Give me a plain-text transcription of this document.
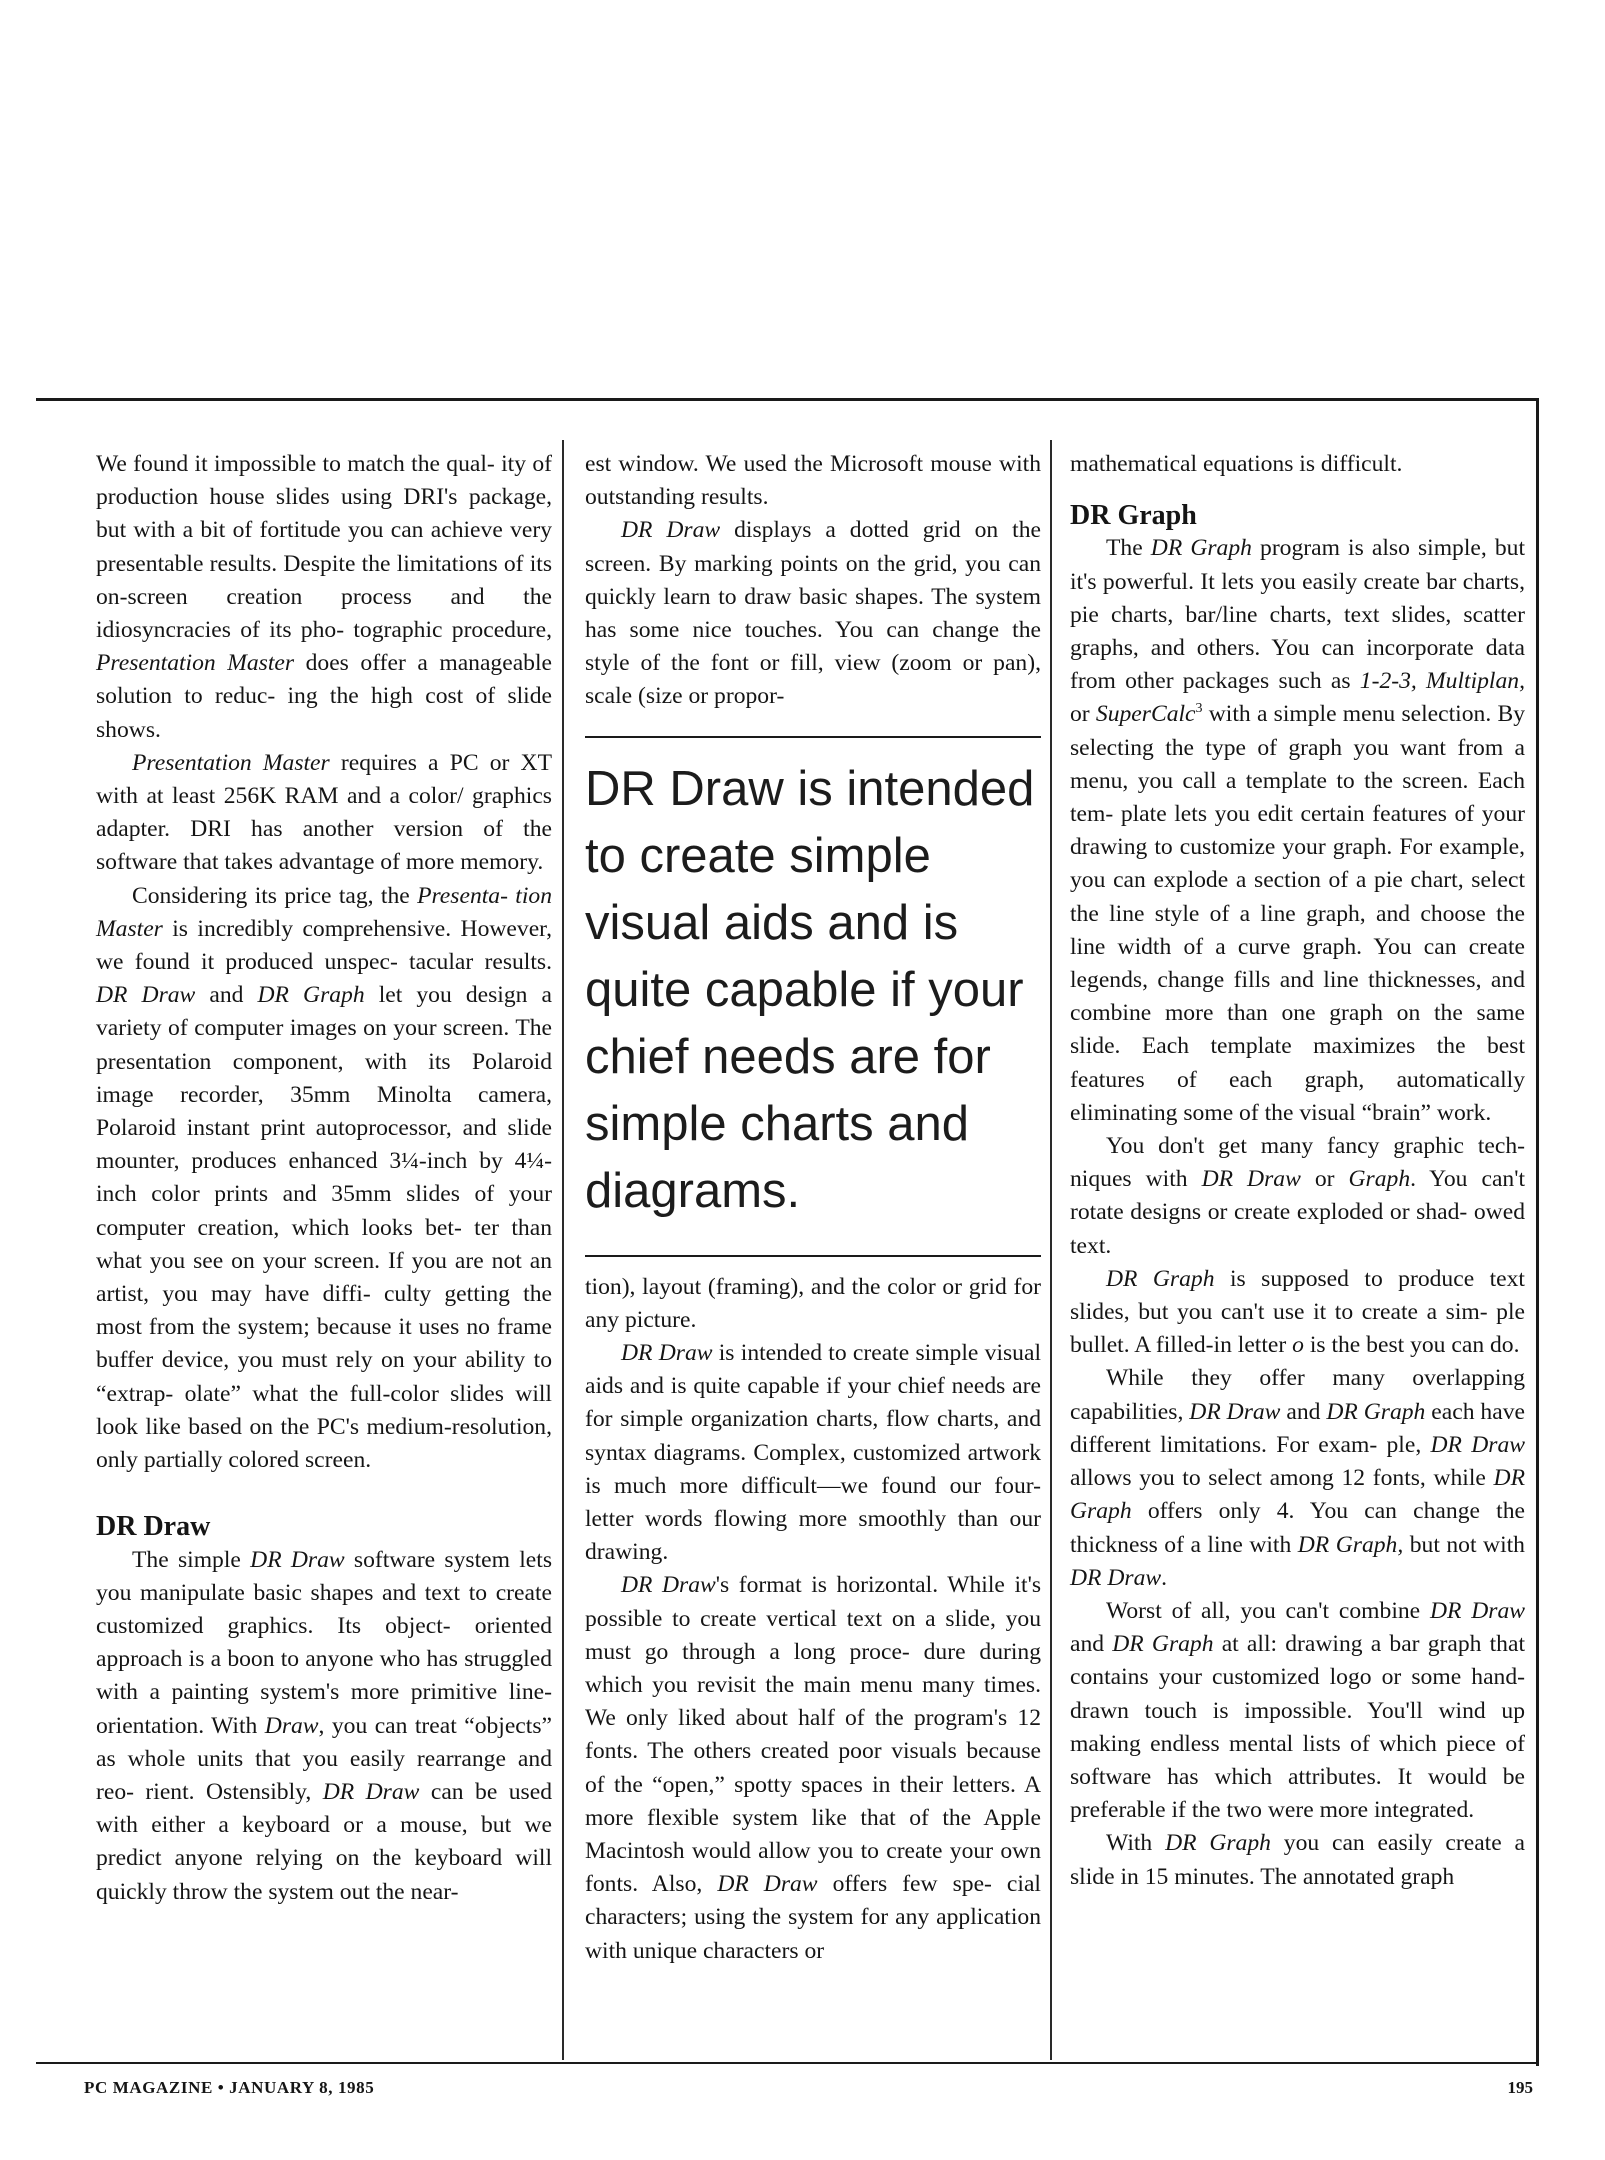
We found it impossible to match the qual- ity of production house slides using DRI's package, but with a bit of fortitude you can achieve very presentable results. Despite the limitations of its on-screen creation process and the idiosyncracies of its pho- tographic procedure, Presentation Master does offer a manageable solution to reduc- ing the high cost of slide shows.

Presentation Master requires a PC or XT with at least 256K RAM and a color/ graphics adapter. DRI has another version of the software that takes advantage of more memory.

Considering its price tag, the Presenta- tion Master is incredibly comprehensive. However, we found it produced unspec- tacular results. DR Draw and DR Graph let you design a variety of computer images on your screen. The presentation component, with its Polaroid image recorder, 35mm Minolta camera, Polaroid instant print autoprocessor, and slide mounter, produces enhanced 3¼-inch by 4¼-inch color prints and 35mm slides of your computer creation, which looks bet- ter than what you see on your screen. If you are not an artist, you may have diffi- culty getting the most from the system; because it uses no frame buffer device, you must rely on your ability to “extrap- olate” what the full-color slides will look like based on the PC's medium-resolution, only partially colored screen.

DR Draw

The simple DR Draw software system lets you manipulate basic shapes and text to create customized graphics. Its object- oriented approach is a boon to anyone who has struggled with a painting system's more primitive line-orientation. With Draw, you can treat “objects” as whole units that you easily rearrange and reo- rient. Ostensibly, DR Draw can be used with either a keyboard or a mouse, but we predict anyone relying on the keyboard will quickly throw the system out the near-

est window. We used the Microsoft mouse with outstanding results.

DR Draw displays a dotted grid on the screen. By marking points on the grid, you can quickly learn to draw basic shapes. The system has some nice touches. You can change the style of the font or fill, view (zoom or pan), scale (size or propor-

DR Draw is intended to create simple visual aids and is quite capable if your chief needs are for simple charts and diagrams.

tion), layout (framing), and the color or grid for any picture.

DR Draw is intended to create simple visual aids and is quite capable if your chief needs are for simple organization charts, flow charts, and syntax diagrams. Complex, customized artwork is much more difficult—we found our four-letter words flowing more smoothly than our drawing.

DR Draw's format is horizontal. While it's possible to create vertical text on a slide, you must go through a long proce- dure during which you revisit the main menu many times. We only liked about half of the program's 12 fonts. The others created poor visuals because of the “open,” spotty spaces in their letters. A more flexible system like that of the Apple Macintosh would allow you to create your own fonts. Also, DR Draw offers few spe- cial characters; using the system for any application with unique characters or

mathematical equations is difficult.

DR Graph

The DR Graph program is also simple, but it's powerful. It lets you easily create bar charts, pie charts, bar/line charts, text slides, scatter graphs, and others. You can incorporate data from other packages such as 1-2-3, Multiplan, or SuperCalc$^3$ with a simple menu selection. By selecting the type of graph you want from a menu, you call a template to the screen. Each tem- plate lets you edit certain features of your drawing to customize your graph. For example, you can explode a section of a pie chart, select the line style of a line graph, and choose the line width of a curve graph. You can create legends, change fills and line thicknesses, and combine more than one graph on the same slide. Each template maximizes the best features of each graph, automatically eliminating some of the visual “brain” work.

You don't get many fancy graphic tech- niques with DR Draw or Graph. You can't rotate designs or create exploded or shad- owed text.

DR Graph is supposed to produce text slides, but you can't use it to create a sim- ple bullet. A filled-in letter o is the best you can do.

While they offer many overlapping capabilities, DR Draw and DR Graph each have different limitations. For exam- ple, DR Draw allows you to select among 12 fonts, while DR Graph offers only 4. You can change the thickness of a line with DR Graph, but not with DR Draw.

Worst of all, you can't combine DR Draw and DR Graph at all: drawing a bar graph that contains your customized logo or some hand-drawn touch is impossible. You'll wind up making endless mental lists of which piece of software has which attributes. It would be preferable if the two were more integrated.

With DR Graph you can easily create a slide in 15 minutes. The annotated graph

PC MAGAZINE • JANUARY 8, 1985	195
